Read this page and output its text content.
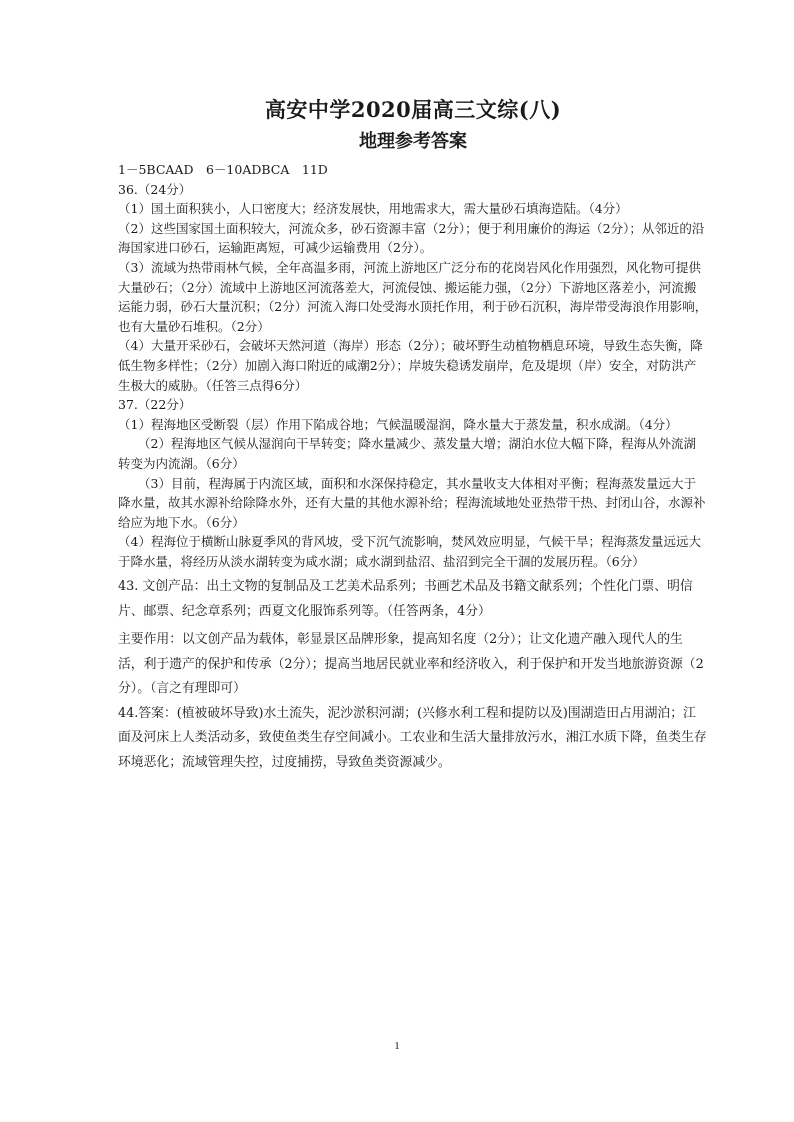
高安中学2020届高三文综(八)
地理参考答案

1－5BCAAD　6－10ADBCA　11D

36.（24分）

（1）国土面积狭小，人口密度大；经济发展快，用地需求大，需大量砂石填海造陆。（4分）

（2）这些国家国土面积较大，河流众多，砂石资源丰富（2分）；便于利用廉价的海运（2分）；从邻近的沿海国家进口砂石，运输距离短，可减少运输费用（2分）。

（3）流域为热带雨林气候，全年高温多雨，河流上游地区广泛分布的花岗岩风化作用强烈，风化物可提供大量砂石；（2分）流域中上游地区河流落差大，河流侵蚀、搬运能力强，（2分）下游地区落差小，河流搬运能力弱，砂石大量沉积；（2分）河流入海口处受海水顶托作用，利于砂石沉积，海岸带受海浪作用影响，也有大量砂石堆积。（2分）

（4）大量开采砂石，会破坏天然河道（海岸）形态（2分）；破坏野生动植物栖息环境，导致生态失衡，降低生物多样性；（2分）加剧入海口附近的咸潮2分）；岸坡失稳诱发崩岸，危及堤坝（岸）安全，对防洪产生极大的威胁。（任答三点得6分）

37.（22分）

（1）程海地区受断裂（层）作用下陷成谷地；气候温暖湿润，降水量大于蒸发量，积水成湖。（4分）

（2）程海地区气候从湿润向干旱转变；降水量减少、蒸发量大增；湖泊水位大幅下降，程海从外流湖转变为内流湖。（6分）

（3）目前，程海属于内流区域，面积和水深保持稳定，其水量收支大体相对平衡；程海蒸发量远大于降水量，故其水源补给除降水外，还有大量的其他水源补给；程海流域地处亚热带干热、封闭山谷，水源补给应为地下水。（6分）

（4）程海位于横断山脉夏季风的背风坡，受下沉气流影响，焚风效应明显，气候干旱；程海蒸发量远远大于降水量，将经历从淡水湖转变为咸水湖；咸水湖到盐沼、盐沼到完全干涸的发展历程。（6分）

43. 文创产品：出土文物的复制品及工艺美术品系列；书画艺术品及书籍文献系列；个性化门票、明信片、邮票、纪念章系列；西夏文化服饰系列等。（任答两条，4分）

主要作用：以文创产品为载体，彰显景区品牌形象，提高知名度（2分）；让文化遗产融入现代人的生活，利于遗产的保护和传承（2分）；提高当地居民就业率和经济收入，利于保护和开发当地旅游资源（2分）。（言之有理即可）

44.答案：(植被破坏导致)水土流失，泥沙淤积河湖；(兴修水利工程和提防以及)围湖造田占用湖泊；江面及河床上人类活动多，致使鱼类生存空间减小。工农业和生活大量排放污水，湘江水质下降，鱼类生存环境恶化；流域管理失控，过度捕捞，导致鱼类资源减少。

1
